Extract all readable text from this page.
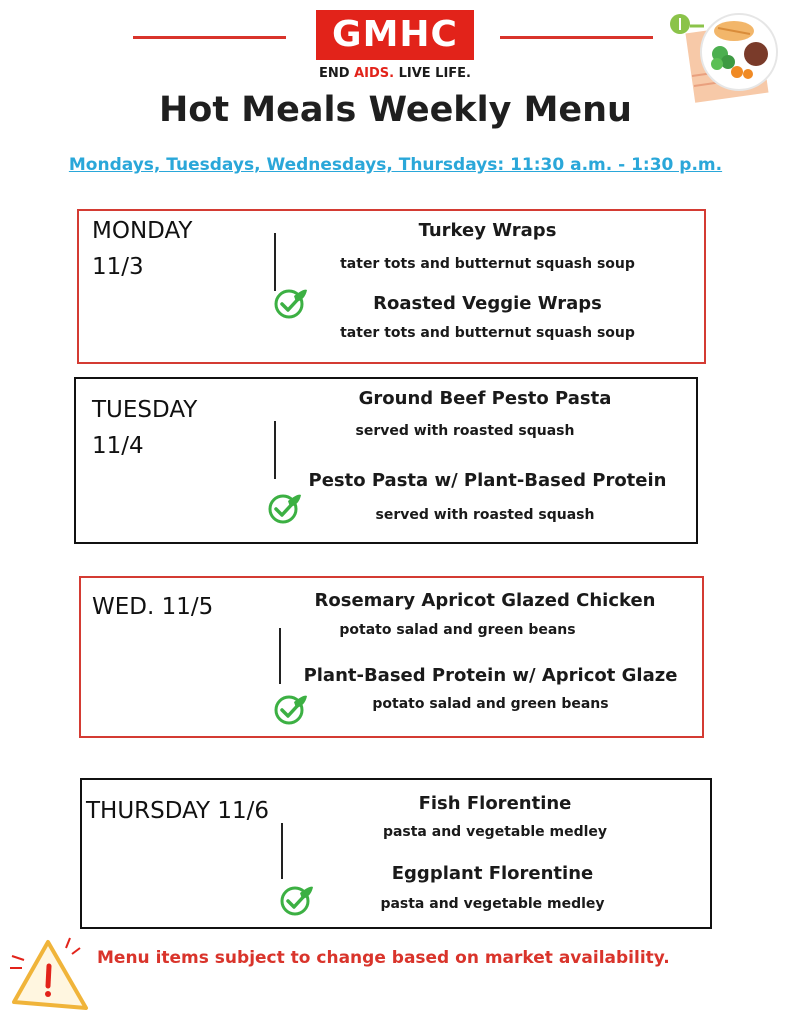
GMHC
END AIDS. LIVE LIFE.
Hot Meals Weekly Menu
Mondays, Tuesdays, Wednesdays, Thursdays: 11:30 a.m. - 1:30 p.m.
MONDAY
11/3
Turkey Wraps
tater tots and butternut squash soup
Roasted Veggie Wraps
tater tots and butternut squash soup
TUESDAY
11/4
Ground Beef Pesto Pasta
served with roasted squash
Pesto Pasta w/ Plant-Based Protein
served with roasted squash
WED. 11/5	Rosemary Apricot Glazed Chicken
potato salad and green beans
Plant-Based Protein w/ Apricot Glaze
potato salad and green beans
THURSDAY 11/6	Fish Florentine
pasta and vegetable medley
Eggplant Florentine
pasta and vegetable medley
Menu items subject to change based on market availability.
